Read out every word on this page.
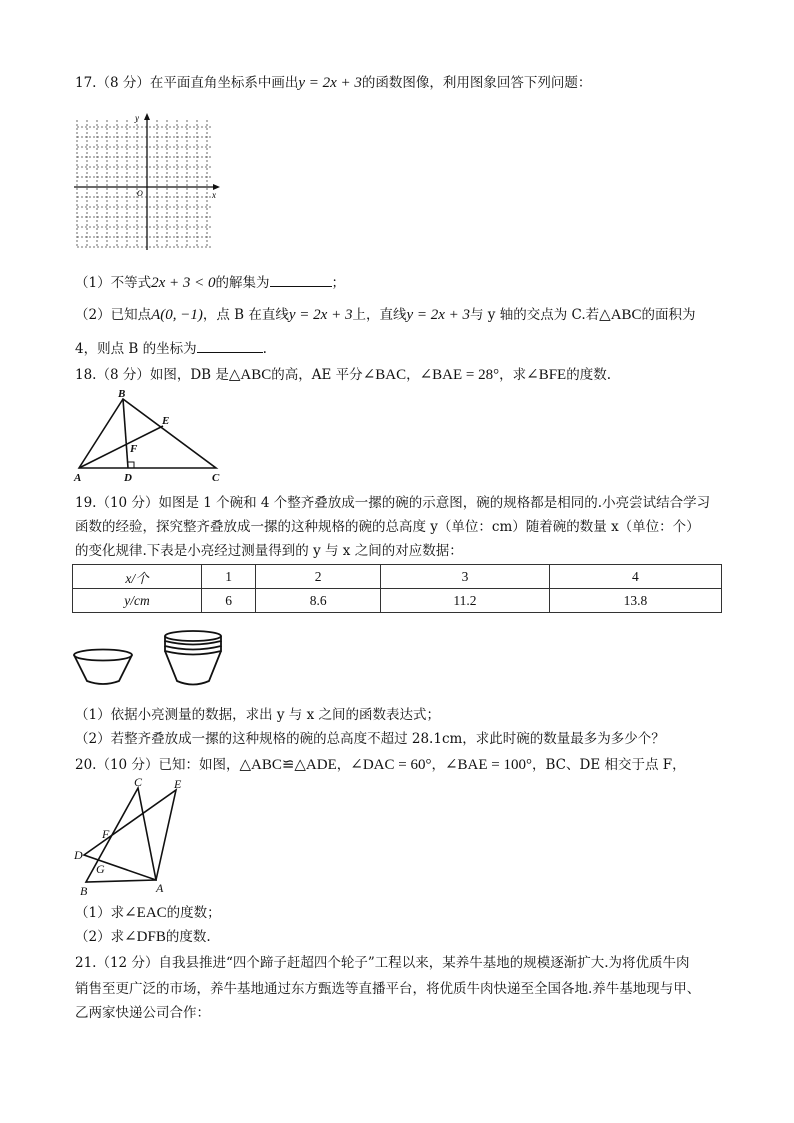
17.（8 分）在平面直角坐标系中画出y = 2x + 3的函数图像，利用图象回答下列问题：
y
x
O
（1）不等式2x + 3 < 0的解集为	；
（2）已知点A(0, −1)，点 B 在直线y = 2x + 3上，直线y = 2x + 3与 y 轴的交点为 C.若△ABC的面积为
4，则点 B 的坐标为	.
18.（8 分）如图，DB 是△ABC的高，AE 平分∠BAC，∠BAE = 28°，求∠BFE的度数.
B
E
F
A	D	C
19.（10 分）如图是 1 个碗和 4 个整齐叠放成一摞的碗的示意图，碗的规格都是相同的.小亮尝试结合学习
函数的经验，探究整齐叠放成一摞的这种规格的碗的总高度 y（单位：cm）随着碗的数量 x（单位：个）
的变化规律.下表是小亮经过测量得到的 y 与 x 之间的对应数据：
x/个	1	2	3	4
y/cm	6	8.6	11.2	13.8
（1）依据小亮测量的数据，求出 y 与 x 之间的函数表达式；
（2）若整齐叠放成一摞的这种规格的碗的总高度不超过 28.1cm，求此时碗的数量最多为多少个？
20.（10 分）已知：如图，△ABC≌△ADE，∠DAC = 60°，∠BAE = 100°，BC、DE 相交于点 F，
C	E
F
D
G
B	A
（1）求∠EAC的度数；
（2）求∠DFB的度数.
21.（12 分）自我县推进“四个蹄子赶超四个轮子”工程以来，某养牛基地的规模逐渐扩大.为将优质牛肉
销售至更广泛的市场，养牛基地通过东方甄选等直播平台，将优质牛肉快递至全国各地.养牛基地现与甲、
乙两家快递公司合作：
